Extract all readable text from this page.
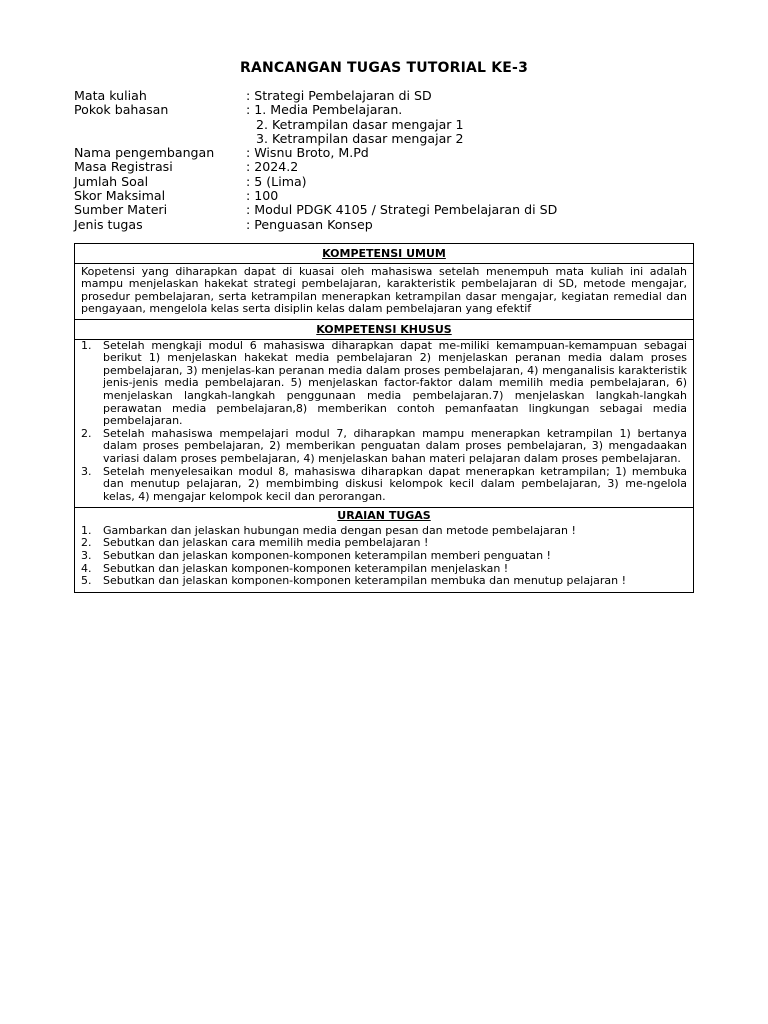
RANCANGAN TUGAS TUTORIAL KE-3
Mata kuliah	: Strategi Pembelajaran di SD
Pokok bahasan	: 1. Media Pembelajaran.
2. Ketrampilan dasar mengajar 1
3. Ketrampilan dasar mengajar 2
Nama pengembangan	: Wisnu Broto, M.Pd
Masa Registrasi	: 2024.2
Jumlah Soal	: 5 (Lima)
Skor Maksimal	: 100
Sumber Materi	: Modul PDGK 4105 / Strategi Pembelajaran di SD
Jenis tugas	: Penguasan Konsep
KOMPETENSI UMUM
Kopetensi yang diharapkan dapat di kuasai oleh mahasiswa setelah menempuh mata kuliah ini adalah mampu menjelaskan hakekat strategi pembelajaran, karakteristik pembelajaran di SD, metode mengajar, prosedur pembelajaran, serta ketrampilan menerapkan ketrampilan dasar mengajar, kegiatan remedial dan pengayaan, mengelola kelas serta disiplin kelas dalam pembelajaran yang efektif
KOMPETENSI KHUSUS
1.	Setelah mengkaji modul 6 mahasiswa diharapkan dapat me-miliki kemampuan-kemampuan sebagai berikut 1) menjelaskan hakekat media pembelajaran 2) menjelaskan peranan media dalam proses pembelajaran, 3) menjelas-kan peranan media dalam proses pembelajaran, 4) menganalisis karakteristik jenis-jenis media pembelajaran. 5) menjelaskan factor-faktor dalam memilih media pembelajaran, 6) menjelaskan langkah-langkah penggunaan media pembelajaran.7) menjelaskan langkah-langkah perawatan media pembelajaran,8) memberikan contoh pemanfaatan lingkungan sebagai media pembelajaran.
2.	Setelah mahasiswa mempelajari modul 7, diharapkan mampu menerapkan ketrampilan 1) bertanya dalam proses pembelajaran, 2) memberikan penguatan dalam proses pembelajaran, 3) mengadaakan variasi dalam proses pembelajaran, 4) menjelaskan bahan materi pelajaran dalam proses pembelajaran.
3.	Setelah menyelesaikan modul 8, mahasiswa diharapkan dapat menerapkan ketrampilan; 1) membuka dan menutup pelajaran, 2) membimbing diskusi kelompok kecil dalam pembelajaran, 3) me-ngelola kelas, 4) mengajar kelompok kecil dan perorangan.
URAIAN TUGAS
1.	Gambarkan dan jelaskan hubungan media dengan pesan dan metode pembelajaran !
2.	Sebutkan dan jelaskan cara memilih media pembelajaran !
3.	Sebutkan dan jelaskan komponen-komponen keterampilan memberi penguatan !
4.	Sebutkan dan jelaskan komponen-komponen keterampilan menjelaskan !
5.	Sebutkan dan jelaskan komponen-komponen keterampilan membuka dan menutup pelajaran !
